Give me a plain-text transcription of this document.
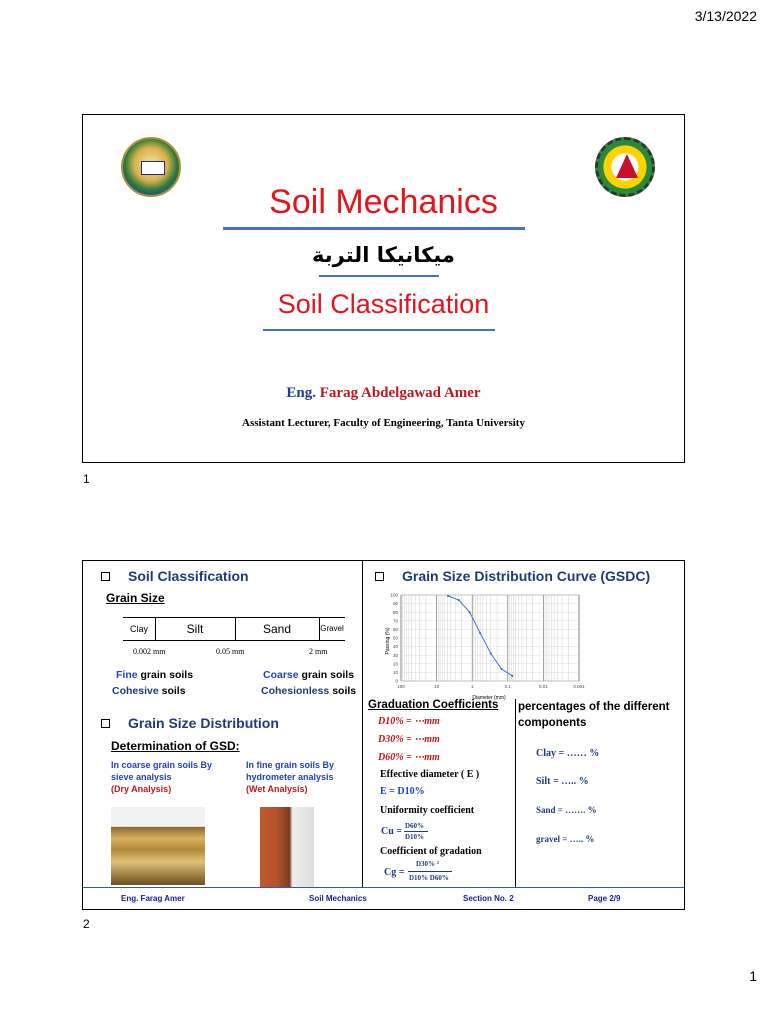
3/13/2022
Soil Mechanics
ميكانيكا التربة
Soil Classification
Eng. Farag Abdelgawad Amer
Assistant Lecturer, Faculty of Engineering, Tanta University
1
Soil Classification
Grain Size
Clay	Silt	Sand	Gravel
0.002 mm	0.05 mm	2 mm
Fine grain soils
Cohesive soils
Coarse grain soils
Cohesionless soils
Grain Size Distribution
Determination of GSD:
In coarse grain soils By
sieve analysis
(Dry Analysis)
In fine grain soils By
hydrometer analysis
(Wet Analysis)
Grain Size Distribution Curve (GSDC)
0
10
20
30
40
50
60
70
80
90
100
100	10	1	0.1	0.01	0.001
Diameter (mm)
Passing (%)
Graduation Coefficients
D10% = ⋯mm
D30% = ⋯mm
D60% = ⋯mm
Effective diameter ( E )
E = D10%
Uniformity coefficient
Cu = D60%
D10%
Coefficient of gradation
Cg =
D30% ²
D10% D60%
percentages of the different
components
Clay = …… %
Silt = ….. %
Sand = ……. %
gravel = ….. %
Eng. Farag Amer	Soil Mechanics	Section No. 2	Page 2/9
2
1
